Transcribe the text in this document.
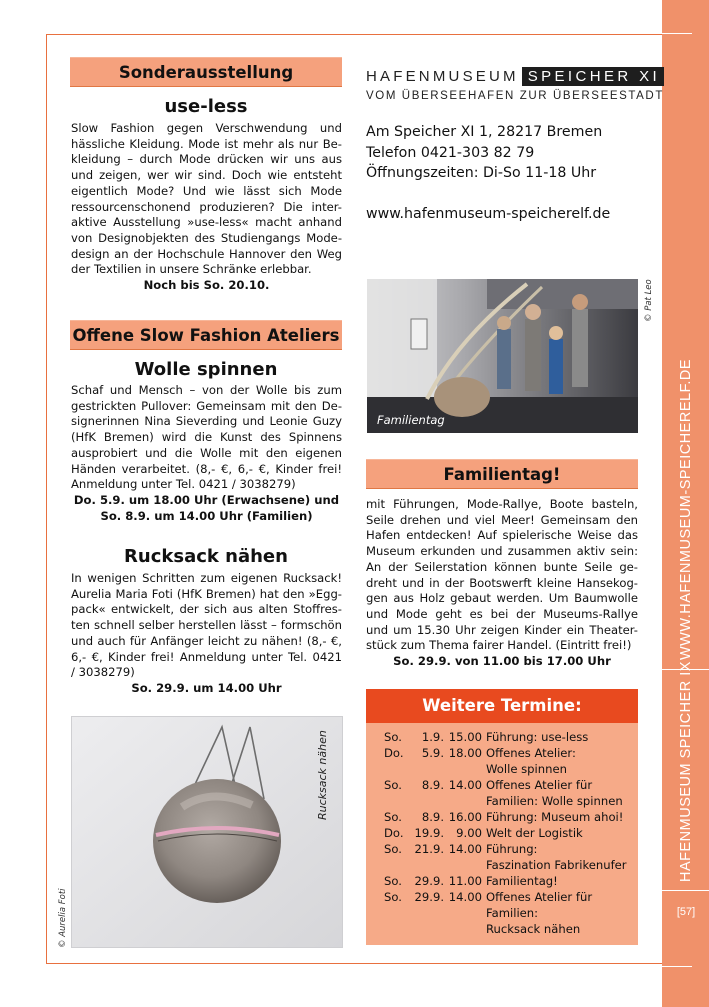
WWW.HAFENMUSEUM-SPEICHERELF.DE
HAFENMUSEUM SPEICHER IX
[57]
Sonderausstellung
use-less
Slow Fashion gegen Verschwendung und
hässliche Kleidung. Mode ist mehr als nur Be-
kleidung – durch Mode drücken wir uns aus
und zeigen, wer wir sind. Doch wie entsteht
eigentlich Mode? Und wie lässt sich Mode
ressourcenschonend produzieren? Die inter-
aktive Ausstellung »use-less« macht anhand
von Designobjekten des Studiengangs Mode-
design an der Hochschule Hannover den Weg
der Textilien in unsere Schränke erlebbar.
Noch bis So. 20.10.
Offene Slow Fashion Ateliers
Wolle spinnen
Schaf und Mensch – von der Wolle bis zum
gestrickten Pullover: Gemeinsam mit den De-
signerinnen Nina Sieverding und Leonie Guzy
(HfK Bremen) wird die Kunst des Spinnens
ausprobiert und die Wolle mit den eigenen
Händen verarbeitet. (8,- €, 6,- €, Kinder frei!
Anmeldung unter Tel. 0421 / 3038279)
Do. 5.9. um 18.00 Uhr (Erwachsene) und
So. 8.9. um 14.00 Uhr (Familien)
Rucksack nähen
In wenigen Schritten zum eigenen Rucksack!
Aurelia Maria Foti (HfK Bremen) hat den »Egg-
pack« entwickelt, der sich aus alten Stoffres-
ten schnell selber herstellen lässt – formschön
und auch für Anfänger leicht zu nähen! (8,- €,
6,- €, Kinder frei! Anmeldung unter Tel. 0421
/ 3038279)
So. 29.9. um 14.00 Uhr
Rucksack nähen
© Aurelia Foti
HAFENMUSEUM SPEICHER XI
VOM ÜBERSEEHAFEN ZUR ÜBERSEESTADT
Am Speicher XI 1, 28217 Bremen
Telefon 0421-303 82 79
Öffnungszeiten: Di-So 11-18 Uhr
www.hafenmuseum-speicherelf.de
Familientag
© Pat Leo
Familientag!
mit Führungen, Mode-Rallye, Boote basteln,
Seile drehen und viel Meer! Gemeinsam den
Hafen entdecken! Auf spielerische Weise das
Museum erkunden und zusammen aktiv sein:
An der Seilerstation können bunte Seile ge-
dreht und in der Bootswerft kleine Hansekog-
gen aus Holz gebaut werden. Um Baumwolle
und Mode geht es bei der Museums-Rallye
und um 15.30 Uhr zeigen Kinder ein Theater-
stück zum Thema fairer Handel. (Eintritt frei!)
So. 29.9. von 11.00 bis 17.00 Uhr
Weitere Termine:
So.	1.9. 15.00 Führung: use-less
Do.	5.9. 18.00 Offenes Atelier:
Wolle spinnen
So.	8.9. 14.00 Offenes Atelier für
Familien: Wolle spinnen
So.	8.9. 16.00 Führung: Museum ahoi!
Do. 19.9.	9.00 Welt der Logistik
So.	21.9. 14.00 Führung:
Faszination Fabrikenufer
So.	29.9. 11.00 Familientag!
So.	29.9. 14.00 Offenes Atelier für
Familien:
Rucksack nähen
